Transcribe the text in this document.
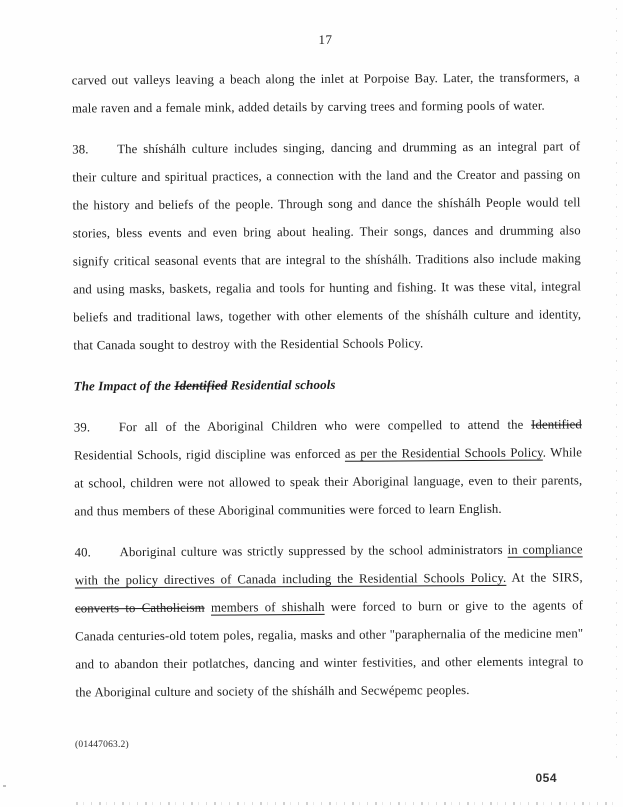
17

carved out valleys leaving a beach along the inlet at Porpoise Bay. Later, the transformers, a male raven and a female mink, added details by carving trees and forming pools of water.

38. The shíshálh culture includes singing, dancing and drumming as an integral part of their culture and spiritual practices, a connection with the land and the Creator and passing on the history and beliefs of the people. Through song and dance the shíshálh People would tell stories, bless events and even bring about healing. Their songs, dances and drumming also signify critical seasonal events that are integral to the shíshálh. Traditions also include making and using masks, baskets, regalia and tools for hunting and fishing. It was these vital, integral beliefs and traditional laws, together with other elements of the shíshálh culture and identity, that Canada sought to destroy with the Residential Schools Policy.

The Impact of the Identified Residential schools

39. For all of the Aboriginal Children who were compelled to attend the Identified Residential Schools, rigid discipline was enforced as per the Residential Schools Policy. While at school, children were not allowed to speak their Aboriginal language, even to their parents, and thus members of these Aboriginal communities were forced to learn English.

40. Aboriginal culture was strictly suppressed by the school administrators in compliance with the policy directives of Canada including the Residential Schools Policy. At the SIRS, converts to Catholicism members of shishalh were forced to burn or give to the agents of Canada centuries-old totem poles, regalia, masks and other "paraphernalia of the medicine men" and to abandon their potlatches, dancing and winter festivities, and other elements integral to the Aboriginal culture and society of the shíshálh and Secwépemc peoples.

(01447063.2)
054
